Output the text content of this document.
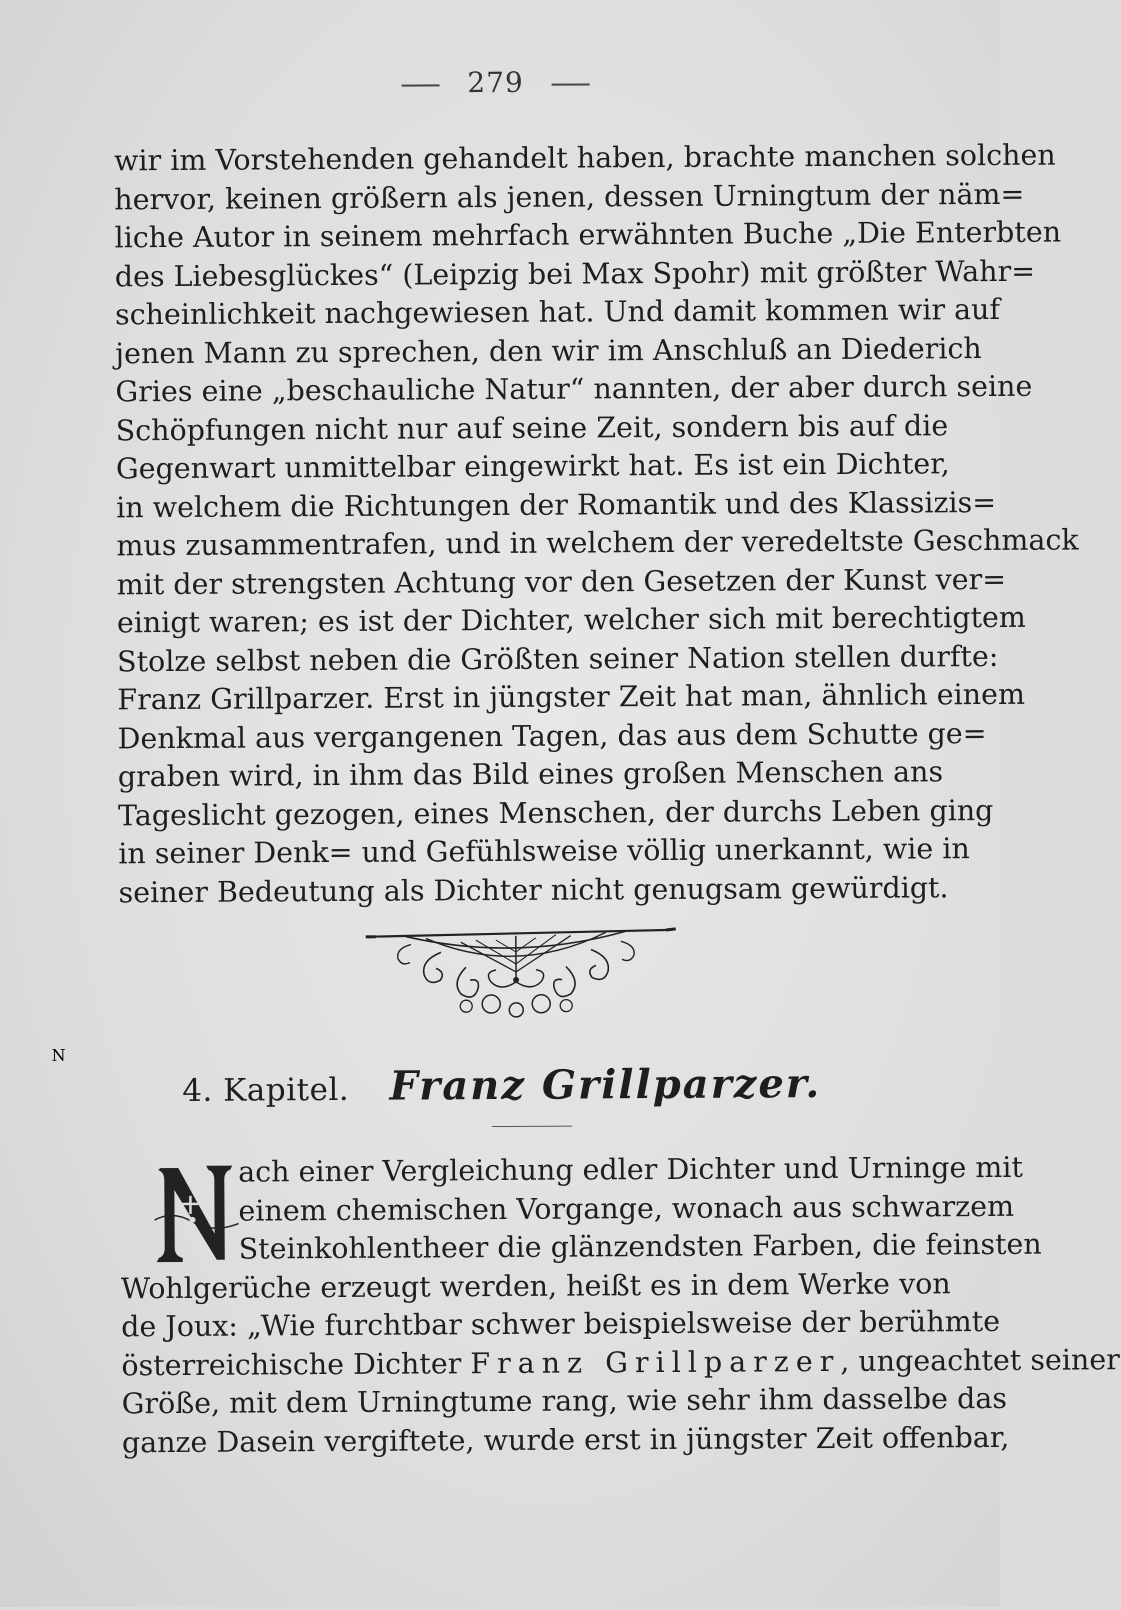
279
wir im Vorstehenden gehandelt haben, brachte manchen solchen
hervor, keinen größern als jenen, dessen Urningtum der näm=
liche Autor in seinem mehrfach erwähnten Buche „Die Enterbten
des Liebesglückes“ (Leipzig bei Max Spohr) mit größter Wahr=
scheinlichkeit nachgewiesen hat. Und damit kommen wir auf
jenen Mann zu sprechen, den wir im Anschluß an Diederich
Gries eine „beschauliche Natur“ nannten, der aber durch seine
Schöpfungen nicht nur auf seine Zeit, sondern bis auf die
Gegenwart unmittelbar eingewirkt hat. Es ist ein Dichter,
in welchem die Richtungen der Romantik und des Klassizis=
mus zusammentrafen, und in welchem der veredeltste Geschmack
mit der strengsten Achtung vor den Gesetzen der Kunst ver=
einigt waren; es ist der Dichter, welcher sich mit berechtigtem
Stolze selbst neben die Größten seiner Nation stellen durfte:
Franz Grillparzer. Erst in jüngster Zeit hat man, ähnlich einem
Denkmal aus vergangenen Tagen, das aus dem Schutte ge=
graben wird, in ihm das Bild eines großen Menschen ans
Tageslicht gezogen, eines Menschen, der durchs Leben ging
in seiner Denk= und Gefühlsweise völlig unerkannt, wie in
seiner Bedeutung als Dichter nicht genugsam gewürdigt.
4. Kapitel. Franz Grillparzer.
N
ach einer Vergleichung edler Dichter und Urninge mit
einem chemischen Vorgange, wonach aus schwarzem
Steinkohlentheer die glänzendsten Farben, die feinsten
Wohlgerüche erzeugt werden, heißt es in dem Werke von
de Joux: „Wie furchtbar schwer beispielsweise der berühmte
österreichische Dichter Franz Grillparzer, ungeachtet seiner
Größe, mit dem Urningtume rang, wie sehr ihm dasselbe das
ganze Dasein vergiftete, wurde erst in jüngster Zeit offenbar,
